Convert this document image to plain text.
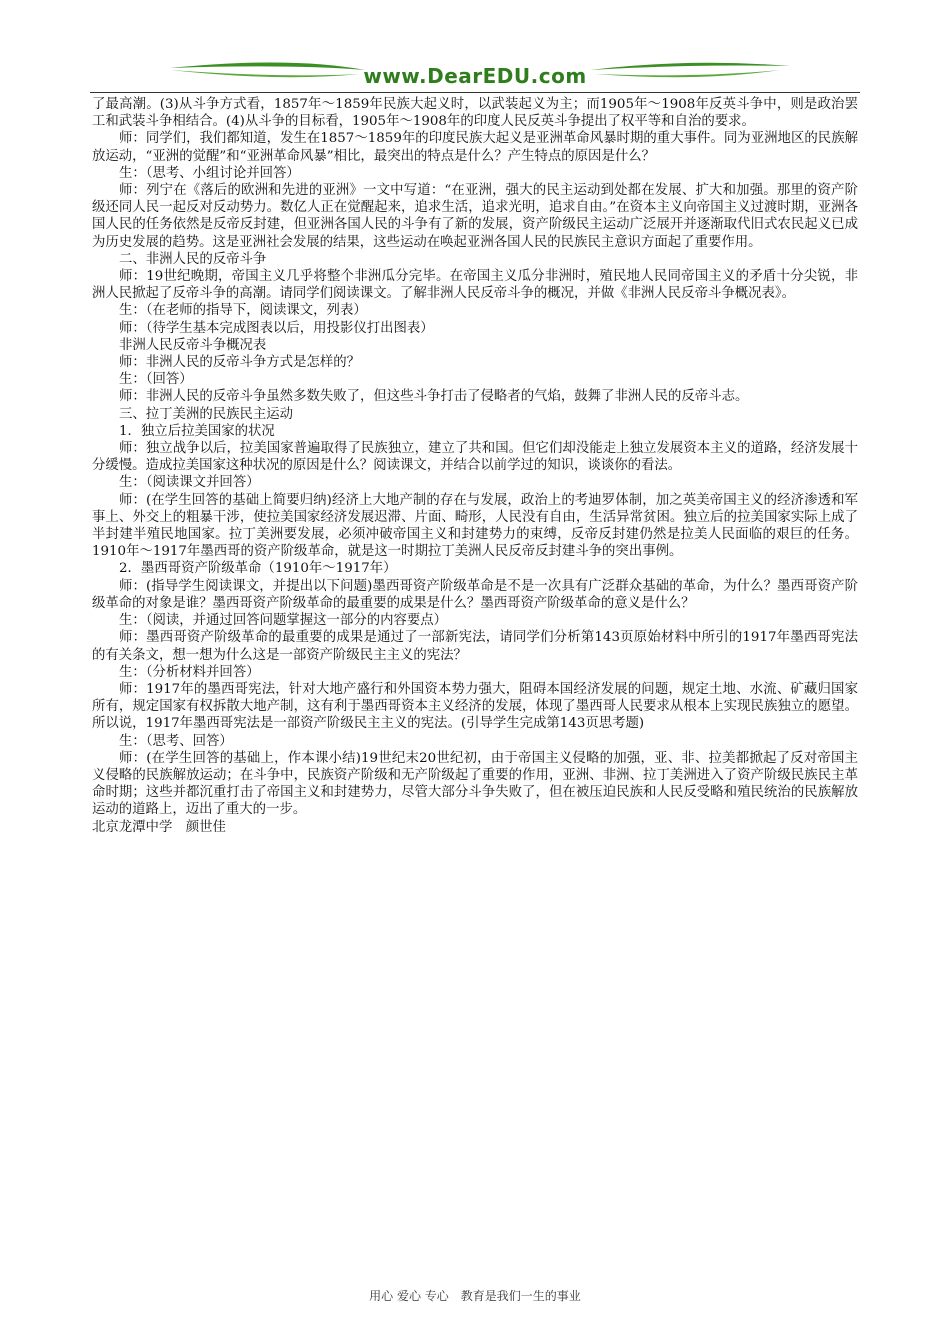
www.DearEDU.com

了最高潮。(3)从斗争方式看，1857年～1859年民族大起义时，以武装起义为主；而1905年～1908年反英斗争中，则是政治罢工和武装斗争相结合。(4)从斗争的目标看，1905年～1908年的印度人民反英斗争提出了权平等和自治的要求。

师：同学们，我们都知道，发生在1857～1859年的印度民族大起义是亚洲革命风暴时期的重大事件。同为亚洲地区的民族解放运动，“亚洲的觉醒”和“亚洲革命风暴”相比，最突出的特点是什么？产生特点的原因是什么？

生：（思考、小组讨论并回答）

师：列宁在《落后的欧洲和先进的亚洲》一文中写道：“在亚洲，强大的民主运动到处都在发展、扩大和加强。那里的资产阶级还同人民一起反对反动势力。数亿人正在觉醒起来，追求生活，追求光明，追求自由。”在资本主义向帝国主义过渡时期，亚洲各国人民的任务依然是反帝反封建，但亚洲各国人民的斗争有了新的发展，资产阶级民主运动广泛展开并逐渐取代旧式农民起义已成为历史发展的趋势。这是亚洲社会发展的结果，这些运动在唤起亚洲各国人民的民族民主意识方面起了重要作用。

二、非洲人民的反帝斗争

师：19世纪晚期，帝国主义几乎将整个非洲瓜分完毕。在帝国主义瓜分非洲时，殖民地人民同帝国主义的矛盾十分尖锐，非洲人民掀起了反帝斗争的高潮。请同学们阅读课文。了解非洲人民反帝斗争的概况，并做《非洲人民反帝斗争概况表》。

生：（在老师的指导下，阅读课文，列表）

师：（待学生基本完成图表以后，用投影仪打出图表）

非洲人民反帝斗争概况表

师：非洲人民的反帝斗争方式是怎样的？

生：（回答）

师：非洲人民的反帝斗争虽然多数失败了，但这些斗争打击了侵略者的气焰，鼓舞了非洲人民的反帝斗志。

三、拉丁美洲的民族民主运动

1．独立后拉美国家的状况

师：独立战争以后，拉美国家普遍取得了民族独立，建立了共和国。但它们却没能走上独立发展资本主义的道路，经济发展十分缓慢。造成拉美国家这种状况的原因是什么？阅读课文，并结合以前学过的知识，谈谈你的看法。

生：（阅读课文并回答）

师：(在学生回答的基础上简要归纳)经济上大地产制的存在与发展，政治上的考迪罗体制，加之英美帝国主义的经济渗透和军事上、外交上的粗暴干涉，使拉美国家经济发展迟滞、片面、畸形，人民没有自由，生活异常贫困。独立后的拉美国家实际上成了半封建半殖民地国家。拉丁美洲要发展，必须冲破帝国主义和封建势力的束缚，反帝反封建仍然是拉美人民面临的艰巨的任务。1910年～1917年墨西哥的资产阶级革命，就是这一时期拉丁美洲人民反帝反封建斗争的突出事例。

2．墨西哥资产阶级革命（1910年～1917年）

师：(指导学生阅读课文，并提出以下问题)墨西哥资产阶级革命是不是一次具有广泛群众基础的革命，为什么？墨西哥资产阶级革命的对象是谁？墨西哥资产阶级革命的最重要的成果是什么？墨西哥资产阶级革命的意义是什么？

生：（阅读，并通过回答问题掌握这一部分的内容要点）

师：墨西哥资产阶级革命的最重要的成果是通过了一部新宪法，请同学们分析第143页原始材料中所引的1917年墨西哥宪法的有关条文，想一想为什么这是一部资产阶级民主主义的宪法？

生：（分析材料并回答）

师：1917年的墨西哥宪法，针对大地产盛行和外国资本势力强大，阻碍本国经济发展的问题，规定土地、水流、矿藏归国家所有，规定国家有权拆散大地产制，这有利于墨西哥资本主义经济的发展，体现了墨西哥人民要求从根本上实现民族独立的愿望。所以说，1917年墨西哥宪法是一部资产阶级民主主义的宪法。(引导学生完成第143页思考题)

生：（思考、回答）

师：(在学生回答的基础上，作本课小结)19世纪末20世纪初，由于帝国主义侵略的加强，亚、非、拉美都掀起了反对帝国主义侵略的民族解放运动；在斗争中，民族资产阶级和无产阶级起了重要的作用，亚洲、非洲、拉丁美洲进入了资产阶级民族民主革命时期；这些并都沉重打击了帝国主义和封建势力，尽管大部分斗争失败了，但在被压迫民族和人民反受略和殖民统治的民族解放运动的道路上，迈出了重大的一步。

北京龙潭中学　颜世佳

用心 爱心 专心　教育是我们一生的事业
